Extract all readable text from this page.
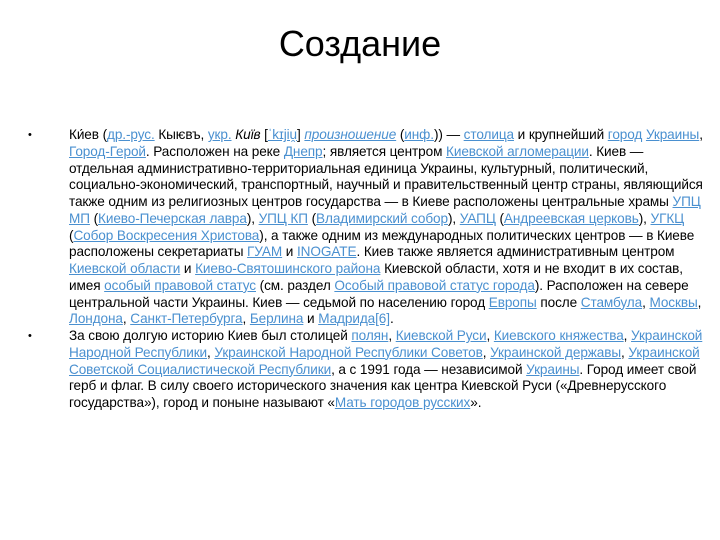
Создание
•	Ки́ев (др.-рус. Кыѥвъ, укр. Київ [ˈkɪjiu̯] произношение (инф.)) — столица и крупнейший город Украины, Город-Герой. Расположен на реке Днепр; является центром Киевской агломерации. Киев — отдельная административно-территориальная единица Украины, культурный, политический, социально-экономический, транспортный, научный и правительственный центр страны, являющийся также одним из религиозных центров государства — в Киеве расположены центральные храмы УПЦ МП (Киево-Печерская лавра), УПЦ КП (Владимирский собор), УАПЦ (Андреевская церковь), УГКЦ (Собор Воскресения Христова), а также одним из международных политических центров — в Киеве расположены секретариаты ГУАМ и INOGATE. Киев также является административным центром Киевской области и Киево-Святошинского района Киевской области, хотя и не входит в их состав, имея особый правовой статус (см. раздел Особый правовой статус города). Расположен на севере центральной части Украины. Киев — седьмой по населению город Европы после Стамбула, Москвы, Лондона, Санкт-Петербурга, Берлина и Мадрида[6].

•	За свою долгую историю Киев был столицей полян, Киевской Руси, Киевского княжества, Украинской Народной Республики, Украинской Народной Республики Советов, Украинской державы, Украинской Советской Социалистической Республики, а с 1991 года — независимой Украины. Город имеет свой герб и флаг. В силу своего исторического значения как центра Киевской Руси («Древнерусского государства»), город и поныне называют «Мать городов русских».
